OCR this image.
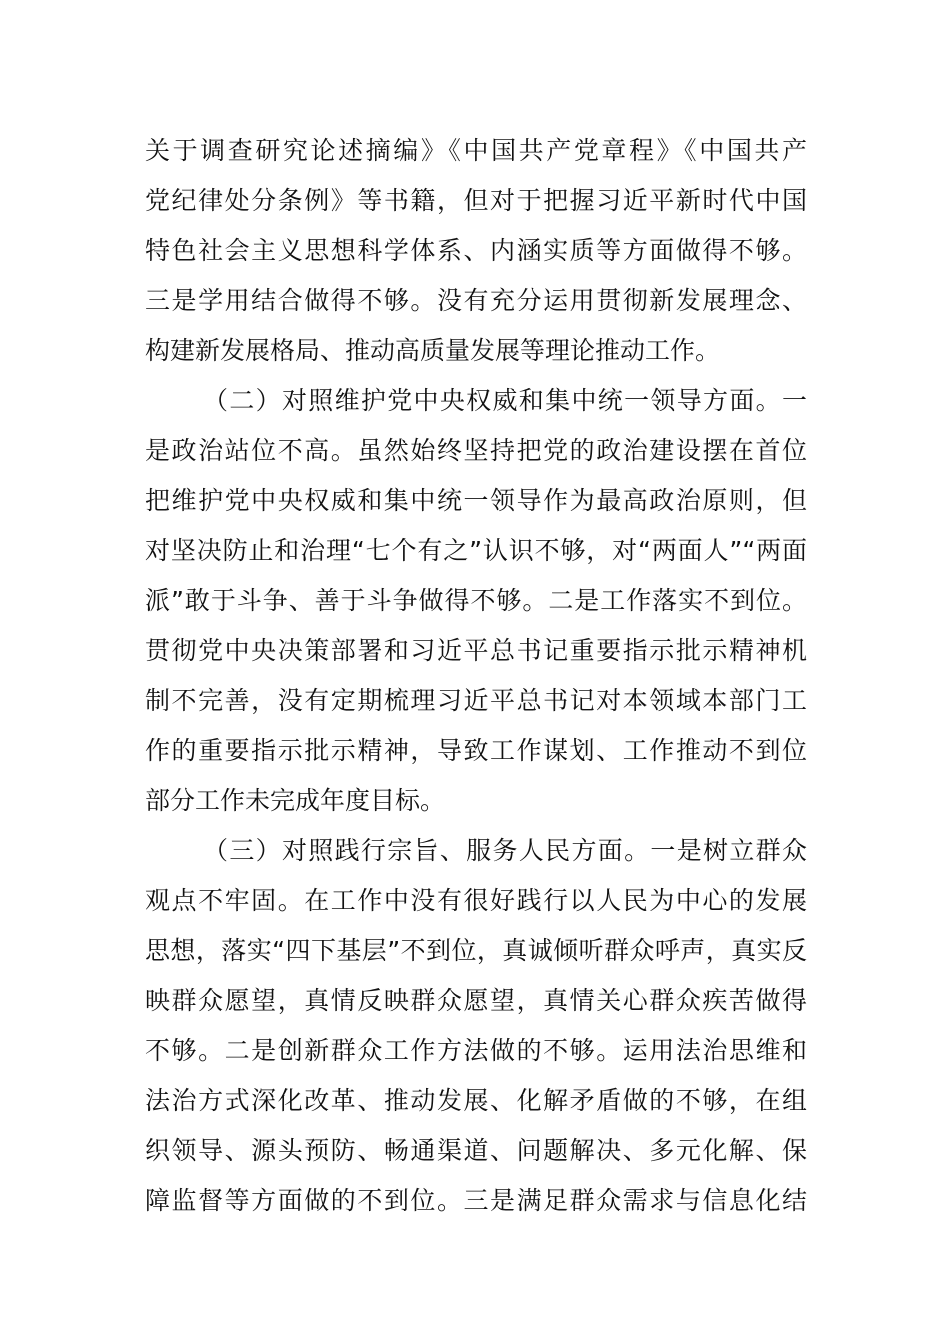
关于调查研究论述摘编》《中国共产党章程》《中国共产
党纪律处分条例》等书籍，但对于把握习近平新时代中国
特色社会主义思想科学体系、内涵实质等方面做得不够。
三是学用结合做得不够。没有充分运用贯彻新发展理念、
构建新发展格局、推动高质量发展等理论推动工作。
（二）对照维护党中央权威和集中统一领导方面。一
是政治站位不高。虽然始终坚持把党的政治建设摆在首位
把维护党中央权威和集中统一领导作为最高政治原则，但
对坚决防止和治理“七个有之”认识不够，对“两面人”“两面
派”敢于斗争、善于斗争做得不够。二是工作落实不到位。
贯彻党中央决策部署和习近平总书记重要指示批示精神机
制不完善，没有定期梳理习近平总书记对本领域本部门工
作的重要指示批示精神，导致工作谋划、工作推动不到位
部分工作未完成年度目标。
（三）对照践行宗旨、服务人民方面。一是树立群众
观点不牢固。在工作中没有很好践行以人民为中心的发展
思想，落实“四下基层”不到位，真诚倾听群众呼声，真实反
映群众愿望，真情反映群众愿望，真情关心群众疾苦做得
不够。二是创新群众工作方法做的不够。运用法治思维和
法治方式深化改革、推动发展、化解矛盾做的不够，在组
织领导、源头预防、畅通渠道、问题解决、多元化解、保
障监督等方面做的不到位。三是满足群众需求与信息化结
